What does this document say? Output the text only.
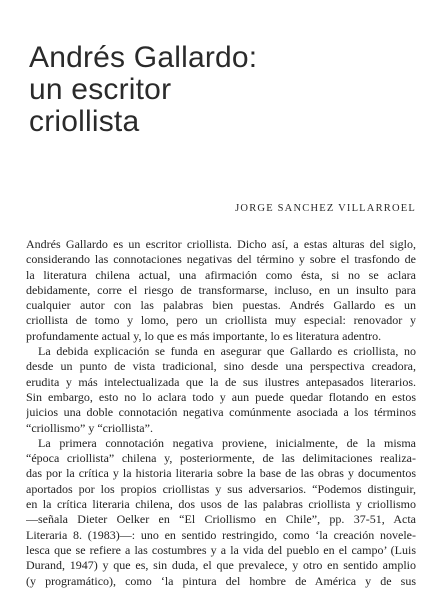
Andrés Gallardo:
un escritor
criollista
JORGE SANCHEZ VILLARROEL
Andrés Gallardo es un escritor criollista. Dicho así, a estas alturas del siglo,
considerando las connotaciones negativas del término y sobre el trasfondo de
la literatura chilena actual, una afirmación como ésta, si no se aclara
debidamente, corre el riesgo de transformarse, incluso, en un insulto para
cualquier autor con las palabras bien puestas. Andrés Gallardo es un
criollista de tomo y lomo, pero un criollista muy especial: renovador y
profundamente actual y, lo que es más importante, lo es literatura adentro.
La debida explicación se funda en asegurar que Gallardo es criollista, no
desde un punto de vista tradicional, sino desde una perspectiva creadora,
erudita y más intelectualizada que la de sus ilustres antepasados literarios.
Sin embargo, esto no lo aclara todo y aun puede quedar flotando en estos
juicios una doble connotación negativa comúnmente asociada a los términos
“criollismo” y “criollista”.
La primera connotación negativa proviene, inicialmente, de la misma
“época criollista” chilena y, posteriormente, de las delimitaciones realiza-
das por la crítica y la historia literaria sobre la base de las obras y documentos
aportados por los propios criollistas y sus adversarios. “Podemos distinguir,
en la crítica literaria chilena, dos usos de las palabras criollista y criollismo
—señala Dieter Oelker en “El Criollismo en Chile”, pp. 37-51, Acta
Literaria 8. (1983)—: uno en sentido restringido, como ‘la creación novele-
lesca que se refiere a las costumbres y a la vida del pueblo en el campo’ (Luis
Durand, 1947) y que es, sin duda, el que prevalece, y otro en sentido amplio
(y programático), como ‘la pintura del hombre de América y de sus
